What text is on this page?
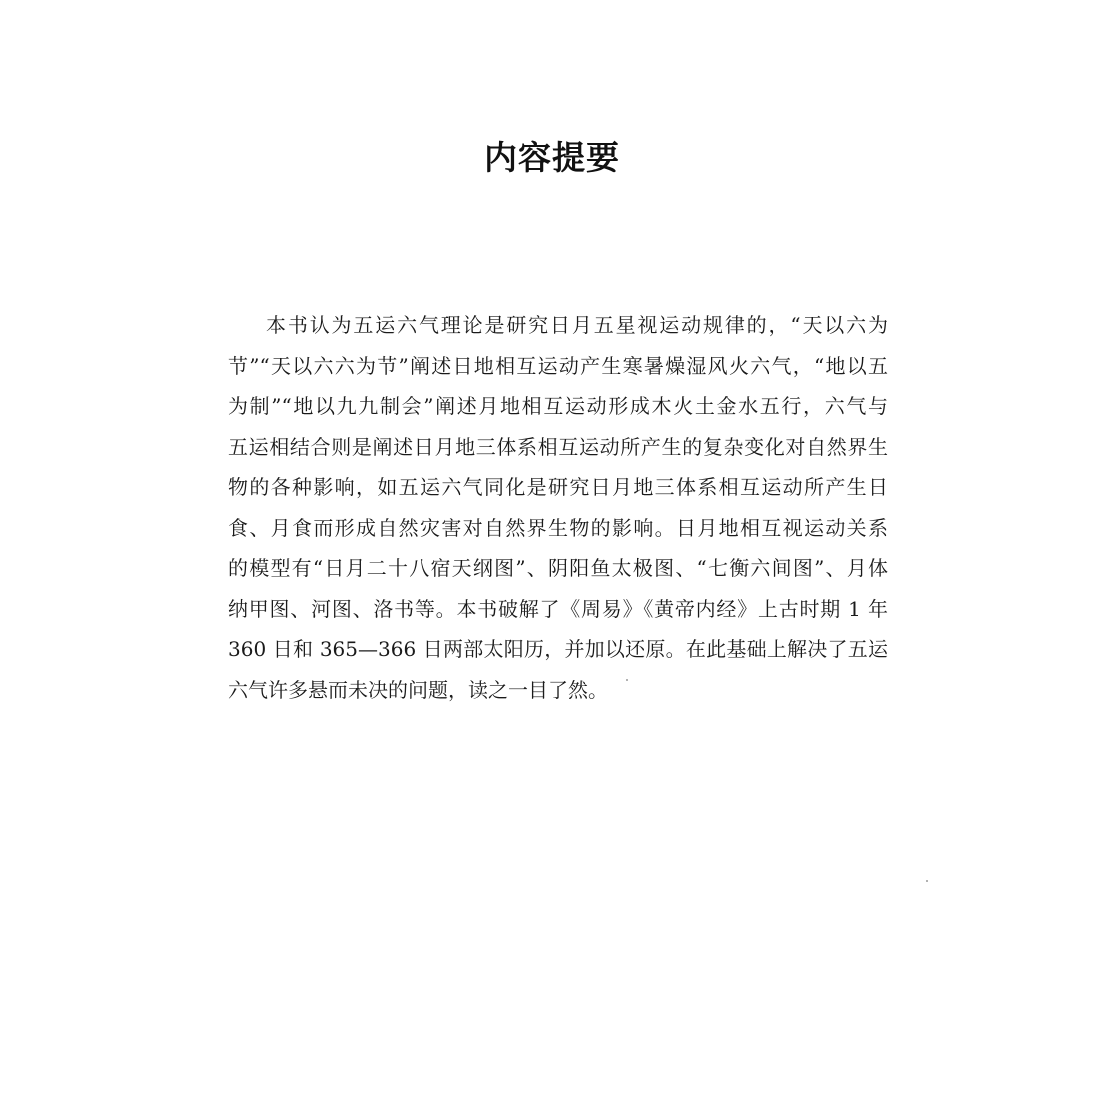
内容提要
本书认为五运六气理论是研究日月五星视运动规律的，“天以六为
节”“天以六六为节”阐述日地相互运动产生寒暑燥湿风火六气，“地以五
为制”“地以九九制会”阐述月地相互运动形成木火土金水五行，六气与
五运相结合则是阐述日月地三体系相互运动所产生的复杂变化对自然界生
物的各种影响，如五运六气同化是研究日月地三体系相互运动所产生日
食、月食而形成自然灾害对自然界生物的影响。日月地相互视运动关系
的模型有“日月二十八宿天纲图”、阴阳鱼太极图、“七衡六间图”、月体
纳甲图、河图、洛书等。本书破解了《周易》《黄帝内经》上古时期 1 年
360 日和 365—366 日两部太阳历，并加以还原。在此基础上解决了五运
六气许多悬而未决的问题，读之一目了然。
